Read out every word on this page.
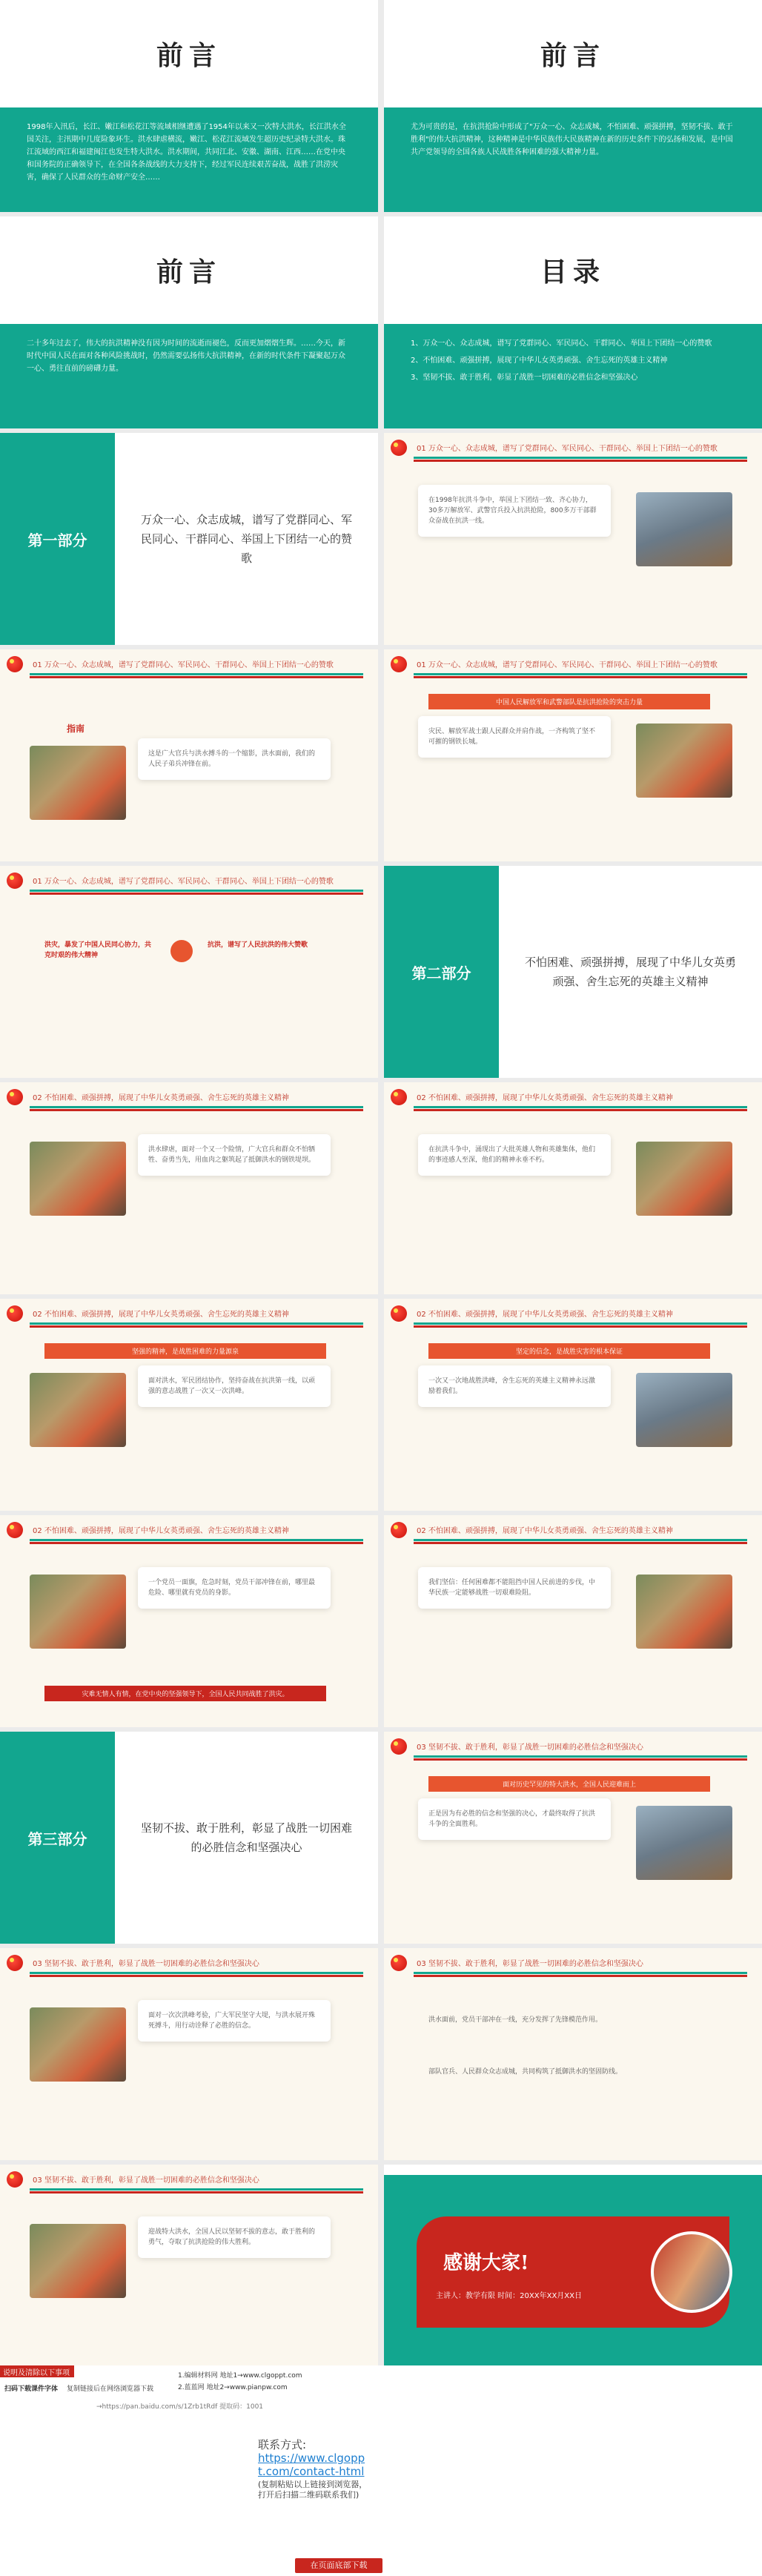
前言
1998年入汛后，长江、嫩江和松花江等流域相继遭遇了1954年以来又一次特大洪水，长江洪水全国关注，主汛期中几度险象环生。洪水肆虐横流，嫩江、松花江流域发生超历史纪录特大洪水。珠江流域的西江和福建闽江也发生特大洪水。洪水期间，共同江北、安徽、湖南、江西……在党中央和国务院的正确领导下，在全国各条战线的大力支持下，经过军民连续艰苦奋战，战胜了洪涝灾害，确保了人民群众的生命财产安全……
前言
尤为可贵的是，在抗洪抢险中形成了"万众一心、众志成城，不怕困难、顽强拼搏，坚韧不拔、敢于胜利"的伟大抗洪精神，这种精神是中华民族伟大民族精神在新的历史条件下的弘扬和发展，是中国共产党领导的全国各族人民战胜各种困难的强大精神力量。
前言
二十多年过去了，伟大的抗洪精神没有因为时间的流逝而褪色，反而更加熠熠生辉。……今天，新时代中国人民在面对各种风险挑战时，仍然需要弘扬伟大抗洪精神，在新的时代条件下凝聚起万众一心、勇往直前的磅礴力量。
目录
1、万众一心、众志成城，谱写了党群同心、军民同心、干群同心、举国上下团结一心的赞歌
2、不怕困难、顽强拼搏，展现了中华儿女英勇顽强、舍生忘死的英雄主义精神
3、坚韧不拔、敢于胜利，彰显了战胜一切困难的必胜信念和坚强决心
第一部分
万众一心、众志成城，谱写了党群同心、军民同心、干群同心、举国上下团结一心的赞歌
01 万众一心、众志成城，谱写了党群同心、军民同心、干群同心、举国上下团结一心的赞歌
在1998年抗洪斗争中，举国上下团结一致、齐心协力，30多万解放军、武警官兵投入抗洪抢险，800多万干部群众奋战在抗洪一线。
01 万众一心、众志成城，谱写了党群同心、军民同心、干群同心、举国上下团结一心的赞歌
指南
这是广大官兵与洪水搏斗的一个缩影，洪水面前，我们的人民子弟兵冲锋在前。
01 万众一心、众志成城，谱写了党群同心、军民同心、干群同心、举国上下团结一心的赞歌
中国人民解放军和武警部队是抗洪抢险的突击力量
灾民、解放军战士跟人民群众并肩作战，一齐构筑了坚不可摧的钢铁长城。
01 万众一心、众志成城，谱写了党群同心、军民同心、干群同心、举国上下团结一心的赞歌
洪灾，暴发了中国人民同心协力，共克时艰的伟大精神
抗洪，谱写了人民抗洪的伟大赞歌
第二部分
不怕困难、顽强拼搏，展现了中华儿女英勇顽强、舍生忘死的英雄主义精神
02 不怕困难、顽强拼搏，展现了中华儿女英勇顽强、舍生忘死的英雄主义精神
洪水肆虐，面对一个又一个险情，广大官兵和群众不怕牺牲、奋勇当先，用血肉之躯筑起了抵御洪水的钢铁堤坝。
02 不怕困难、顽强拼搏，展现了中华儿女英勇顽强、舍生忘死的英雄主义精神
在抗洪斗争中，涌现出了大批英雄人物和英雄集体，他们的事迹感人至深，他们的精神永垂不朽。
02 不怕困难、顽强拼搏，展现了中华儿女英勇顽强、舍生忘死的英雄主义精神
坚强的精神，是战胜困难的力量源泉
面对洪水，军民团结协作，坚持奋战在抗洪第一线，以顽强的意志战胜了一次又一次洪峰。
02 不怕困难、顽强拼搏，展现了中华儿女英勇顽强、舍生忘死的英雄主义精神
坚定的信念，是战胜灾害的根本保证
一次又一次地战胜洪峰，舍生忘死的英雄主义精神永远激励着我们。
02 不怕困难、顽强拼搏，展现了中华儿女英勇顽强、舍生忘死的英雄主义精神
一个党员一面旗，危急时刻，党员干部冲锋在前，哪里最危险、哪里就有党员的身影。
灾难无情人有情，在党中央的坚强领导下，全国人民共同战胜了洪灾。
02 不怕困难、顽强拼搏，展现了中华儿女英勇顽强、舍生忘死的英雄主义精神
我们坚信：任何困难都不能阻挡中国人民前进的步伐，中华民族一定能够战胜一切艰难险阻。
第三部分
坚韧不拔、敢于胜利，彰显了战胜一切困难的必胜信念和坚强决心
03 坚韧不拔、敢于胜利，彰显了战胜一切困难的必胜信念和坚强决心
面对历史罕见的特大洪水，全国人民迎难而上
正是因为有必胜的信念和坚强的决心，才最终取得了抗洪斗争的全面胜利。
03 坚韧不拔、敢于胜利，彰显了战胜一切困难的必胜信念和坚强决心
面对一次次洪峰考验，广大军民坚守大堤，与洪水展开殊死搏斗，用行动诠释了必胜的信念。
03 坚韧不拔、敢于胜利，彰显了战胜一切困难的必胜信念和坚强决心
洪水面前，党员干部冲在一线，充分发挥了先锋模范作用。
部队官兵、人民群众众志成城，共同构筑了抵御洪水的坚固防线。
03 坚韧不拔、敢于胜利，彰显了战胜一切困难的必胜信念和坚强决心
迎战特大洪水，全国人民以坚韧不拔的意志，敢于胜利的勇气，夺取了抗洪抢险的伟大胜利。
感谢大家!
主讲人：教学有限 时间：20XX年XX月XX日
说明及清除以下事项
扫码下载课件字体 复制链接后在网络浏览器下载
1.编辑材料网 地址1→www.clgoppt.com
2.蓝蓝网 地址2→www.pianpw.com
→https://pan.baidu.com/s/1Zrb1tRdf 提取码：1001
联系方式:
https://www.clgoppt.com/contact-html
(复制粘贴以上链接到浏览器，打开后扫描二维码联系我们)
在页面底部下载
